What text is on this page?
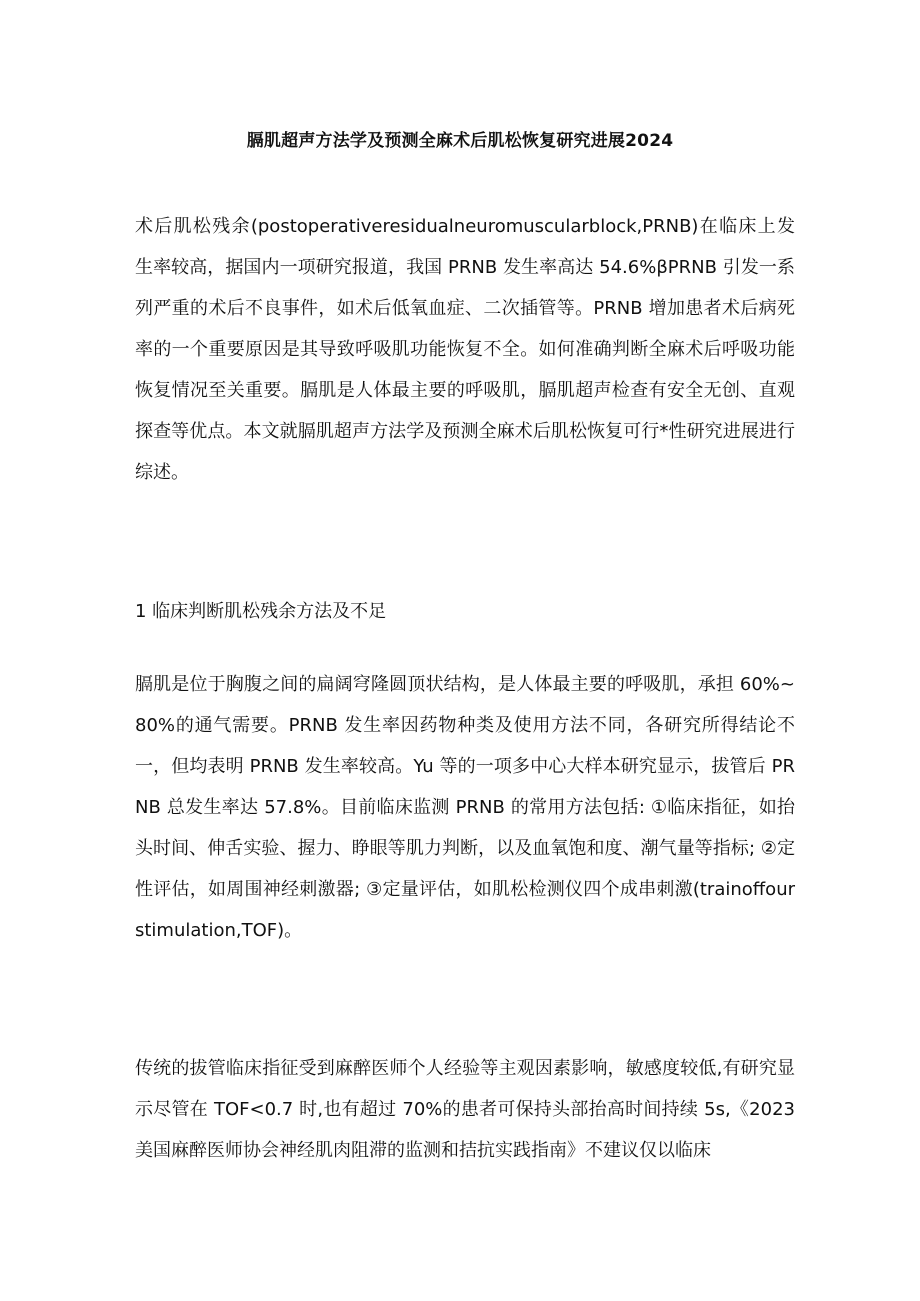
膈肌超声方法学及预测全麻术后肌松恢复研究进展2024

术后肌松残余(postoperativeresidualneuromuscularblock,PRNB)在临床上发生率较高，据国内一项研究报道，我国 PRNB 发生率高达 54.6%βPRNB 引发一系列严重的术后不良事件，如术后低氧血症、二次插管等。PRNB 增加患者术后病死率的一个重要原因是其导致呼吸肌功能恢复不全。如何准确判断全麻术后呼吸功能恢复情况至关重要。膈肌是人体最主要的呼吸肌，膈肌超声检查有安全无创、直观探查等优点。本文就膈肌超声方法学及预测全麻术后肌松恢复可行*性研究进展进行综述。

1 临床判断肌松残余方法及不足

膈肌是位于胸腹之间的扁阔穹隆圆顶状结构，是人体最主要的呼吸肌，承担 60%~80%的通气需要。PRNB 发生率因药物种类及使用方法不同，各研究所得结论不一，但均表明 PRNB 发生率较高。Yu 等的一项多中心大样本研究显示，拔管后 PRNB 总发生率达 57.8%。目前临床监测 PRNB 的常用方法包括: ①临床指征，如抬头时间、伸舌实验、握力、睁眼等肌力判断，以及血氧饱和度、潮气量等指标; ②定性评估，如周围神经刺激器; ③定量评估，如肌松检测仪四个成串刺激(trainoffourstimulation,TOF)。

传统的拔管临床指征受到麻醉医师个人经验等主观因素影响，敏感度较低,有研究显示尽管在 TOF<0.7 时,也有超过 70%的患者可保持头部抬高时间持续 5s,《2023 美国麻醉医师协会神经肌肉阻滞的监测和拮抗实践指南》不建议仅以临床
